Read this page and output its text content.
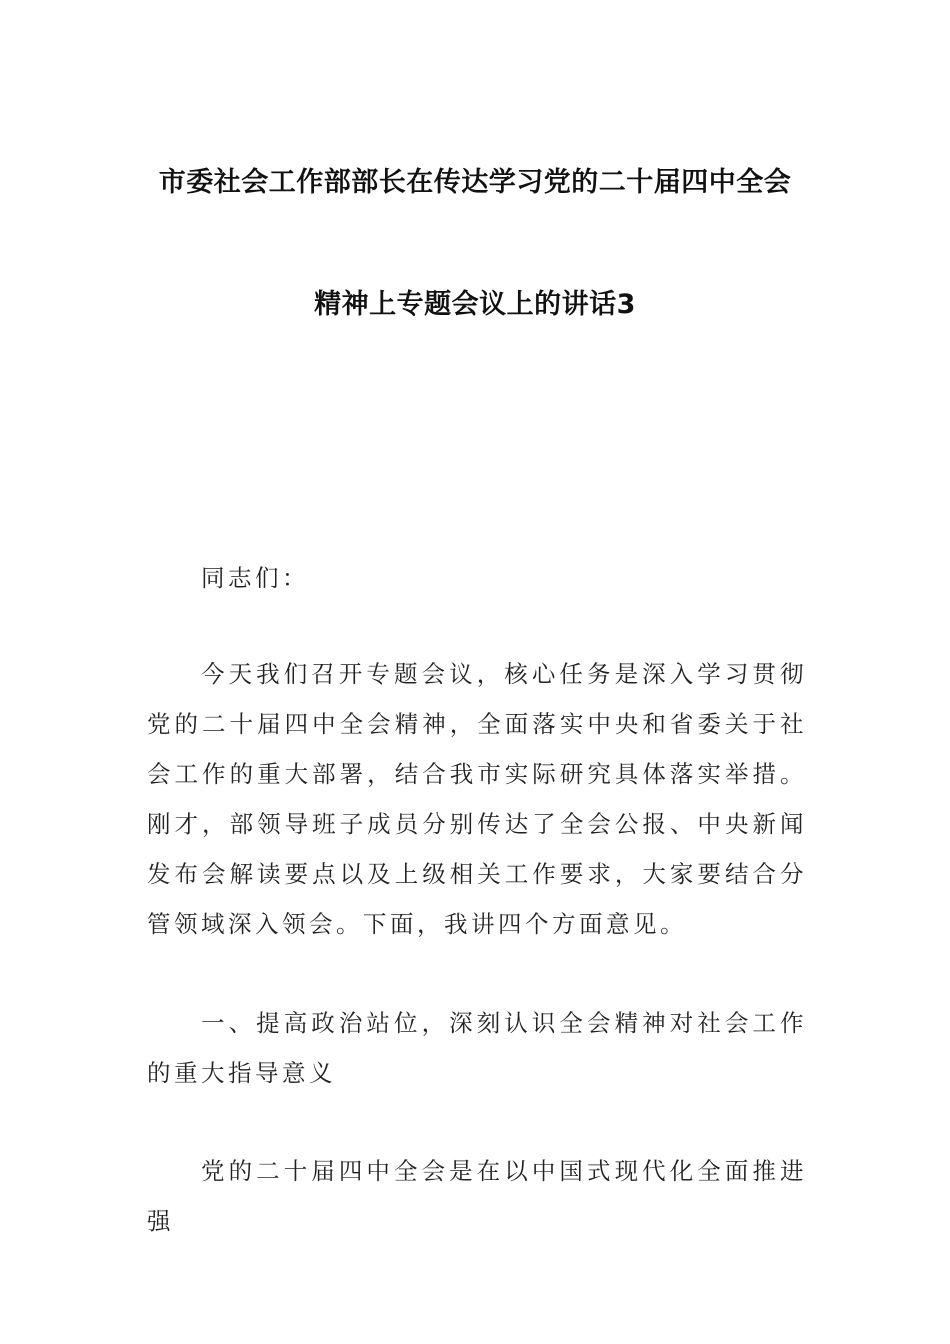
市委社会工作部部长在传达学习党的二十届四中全会
精神上专题会议上的讲话3
同志们：
今天我们召开专题会议，核心任务是深入学习贯彻党的二十届四中全会精神，全面落实中央和省委关于社会工作的重大部署，结合我市实际研究具体落实举措。刚才，部领导班子成员分别传达了全会公报、中央新闻发布会解读要点以及上级相关工作要求，大家要结合分管领域深入领会。下面，我讲四个方面意见。
一、提高政治站位，深刻认识全会精神对社会工作的重大指导意义
党的二十届四中全会是在以中国式现代化全面推进强
